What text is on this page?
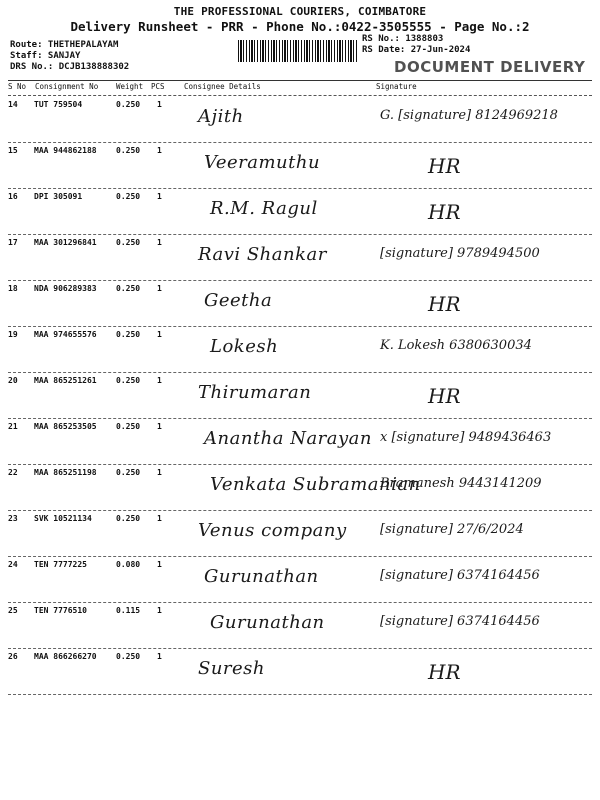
THE PROFESSIONAL COURIERS, COIMBATORE
Delivery Runsheet - PRR - Phone No.:0422-3505555 - Page No.:2
Route: THETHEPALAYAM
Staff: SANJAY
DRS No.: DCJB138888302
RS No.: 1388803
RS Date: 27-Jun-2024
DOCUMENT DELIVERY
S No Consignment No Weight PCS	Consignee Details	Signature
14 TUT 759504	0.250 1
Ajith	G. [signature] 8124969218
15 MAA 944862188 0.250 1
Veeramuthu	HR
16 DPI 305091	0.250 1
R.M. Ragul	HR
17 MAA 301296841 0.250 1
Ravi Shankar	[signature] 9789494500
18 NDA 906289383 0.250 1
Geetha	HR
19 MAA 974655576 0.250 1
Lokesh	K. Lokesh 6380630034
20 MAA 865251261 0.250 1
Thirumaran	HR
21 MAA 865253505 0.250 1
Anantha Narayan x [signature] 9489436463
22 MAA 865251198 0.250 1
Venkata Subramanian
Bramanesh 9443141209
23 SVK 10521134	0.250 1
Venus company	[signature] 27/6/2024
24 TEN 7777225	0.080 1
Gurunathan	[signature] 6374164456
25 TEN 7776510	0.115 1
Gurunathan	[signature] 6374164456
26 MAA 866266270 0.250 1
Suresh	HR
